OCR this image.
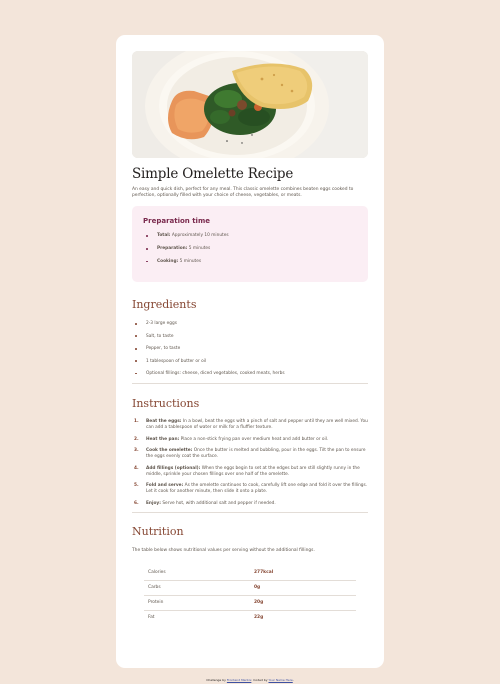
Simple Omelette Recipe

An easy and quick dish, perfect for any meal. This classic omelette combines beaten eggs cooked to perfection, optionally filled with your choice of cheese, vegetables, or meats.

Preparation time
Total: Approximately 10 minutes
Preparation: 5 minutes
Cooking: 5 minutes
Ingredients
2-3 large eggs
Salt, to taste
Pepper, to taste
1 tablespoon of butter or oil
Optional fillings: cheese, diced vegetables, cooked meats, herbs
Instructions
1. Beat the eggs: In a bowl, beat the eggs with a pinch of salt and pepper until they are well mixed. You can add a tablespoon of water or milk for a fluffier texture.
2. Heat the pan: Place a non-stick frying pan over medium heat and add butter or oil.
3. Cook the omelette: Once the butter is melted and bubbling, pour in the eggs. Tilt the pan to ensure the eggs evenly coat the surface.
4. Add fillings (optional): When the eggs begin to set at the edges but are still slightly runny in the middle, sprinkle your chosen fillings over one half of the omelette.
5. Fold and serve: As the omelette continues to cook, carefully lift one edge and fold it over the fillings. Let it cook for another minute, then slide it onto a plate.
6. Enjoy: Serve hot, with additional salt and pepper if needed.
Nutrition

The table below shows nutritional values per serving without the additional fillings.

Calories	277kcal
Carbs	0g
Protein	20g
Fat	22g
Challenge by Frontend Mentor. Coded by Your Name Here.
